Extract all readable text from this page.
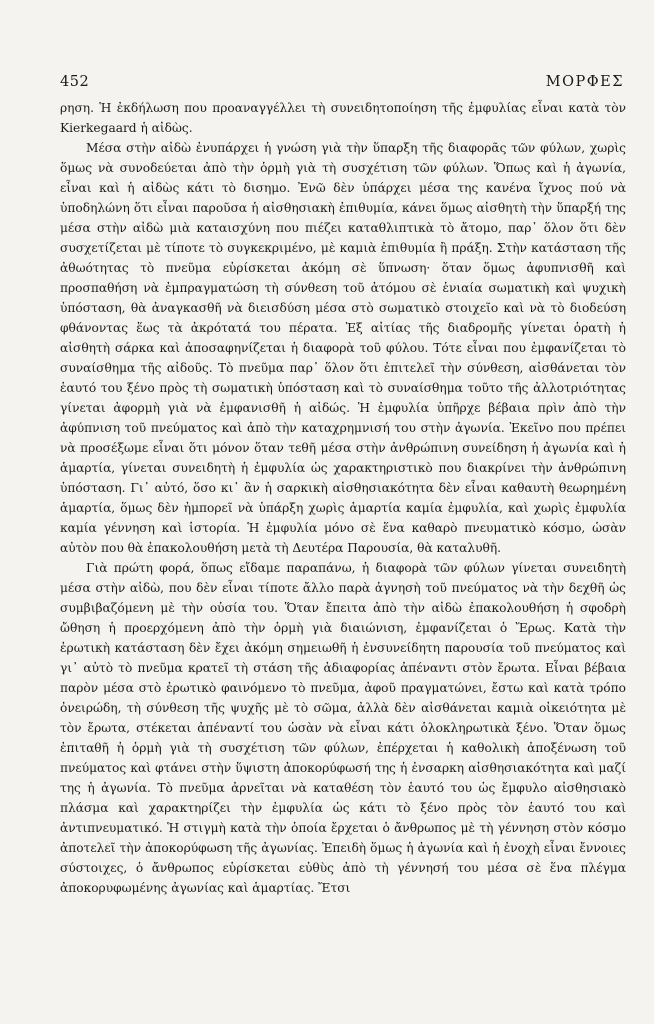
452	ΜΟΡΦΕΣ

ρηση. Ἡ ἐκδήλωση που προαναγγέλλει τὴ συνειδητοποίηση τῆς ἐμφυλίας εἶναι κατὰ τὸν Kierkegaard ἡ αἰδὼς.

Μέσα στὴν αἰδὼ ἐνυπάρχει ἡ γνώση γιὰ τὴν ὕπαρξη τῆς διαφορᾶς τῶν φύλων, χωρὶς ὅμως νὰ συνοδεύεται ἀπὸ τὴν ὁρμὴ γιὰ τὴ συσχέτιση τῶν φύλων. Ὅπως καὶ ἡ ἀγωνία, εἶναι καὶ ἡ αἰδὼς κάτι τὸ δισημο. Ἐνῶ δὲν ὑπάρχει μέσα της κανένα ἴχνος πού νὰ ὑποδηλώνη ὅτι εἶναι παροῦσα ἡ αἰσθησιακὴ ἐπιθυμία, κάνει ὅμως αἰσθητὴ τὴν ὕπαρξή της μέσα στὴν αἰδὼ μιὰ καταισχύνη που πιέζει καταθλιπτικὰ τὸ ἄτομο, παρ᾽ ὅλον ὅτι δὲν συσχετίζεται μὲ τίποτε τὸ συγκεκριμένο, μὲ καμιὰ ἐπιθυμία ἢ πράξη. Στὴν κατάσταση τῆς ἀθωότητας τὸ πνεῦμα εὑρίσκεται ἀκόμη σὲ ὕπνωση· ὅταν ὅμως ἀφυπνισθῆ καὶ προσπαθήση νὰ ἐμπραγματώση τὴ σύνθεση τοῦ ἀτόμου σὲ ἑνιαία σωματικὴ καὶ ψυχικὴ ὑπόσταση, θὰ ἀναγκασθῆ νὰ διεισδύση μέσα στὸ σωματικὸ στοιχεῖο καὶ νὰ τὸ διοδεύση φθάνοντας ἕως τὰ ἀκρότατά του πέρατα. Ἐξ αἰτίας τῆς διαδρομῆς γίνεται ὁρατὴ ἡ αἰσθητὴ σάρκα καὶ ἀποσαφηνίζεται ἡ διαφορὰ τοῦ φύλου. Τότε εἶναι που ἐμφανίζεται τὸ συναίσθημα τῆς αἰδοῦς. Τὸ πνεῦμα παρ᾽ ὅλον ὅτι ἐπιτελεῖ τὴν σύνθεση, αἰσθάνεται τὸν ἑαυτό του ξένο πρὸς τὴ σωματικὴ ὑπόσταση καὶ τὸ συναίσθημα τοῦτο τῆς ἀλλοτριότητας γίνεται ἀφορμὴ γιὰ νὰ ἐμφανισθῆ ἡ αἰδώς. Ἡ ἐμφυλία ὑπῆρχε βέβαια πρὶν ἀπὸ τὴν ἀφύπνιση τοῦ πνεύματος καὶ ἀπὸ τὴν καταχρημνισή του στὴν ἀγωνία. Ἐκεῖνο που πρέπει νὰ προσέξωμε εἶναι ὅτι μόνον ὅταν τεθῆ μέσα στὴν ἀνθρώπινη συνείδηση ἡ ἀγωνία καὶ ἡ ἁμαρτία, γίνεται συνειδητὴ ἡ ἐμφυλία ὡς χαρακτηριστικὸ που διακρίνει τὴν ἀνθρώπινη ὑπόσταση. Γι᾽ αὐτό, ὅσο κι᾽ ἂν ἡ σαρκικὴ αἰσθησιακότητα δὲν εἶναι καθαυτὴ θεωρημένη ἁμαρτία, ὅμως δὲν ἠμπορεῖ νὰ ὑπάρξη χωρὶς ἁμαρτία καμία ἐμφυλία, καὶ χωρὶς ἐμφυλία καμία γέννηση καὶ ἱστορία. Ἡ ἐμφυλία μόνο σὲ ἕνα καθαρὸ πνευματικὸ κόσμο, ὡσὰν αὐτὸν που θὰ ἐπακολουθήση μετὰ τὴ Δευτέρα Παρουσία, θὰ καταλυθῆ.

Γιὰ πρώτη φορά, ὅπως εἴδαμε παραπάνω, ἡ διαφορὰ τῶν φύλων γίνεται συνειδητὴ μέσα στὴν αἰδὼ, που δὲν εἶναι τίποτε ἄλλο παρὰ ἀγνησὴ τοῦ πνεύματος νὰ τὴν δεχθῆ ὡς συμβιβαζόμενη μὲ τὴν οὐσία του. Ὅταν ἔπειτα ἀπὸ τὴν αἰδὼ ἐπακολουθήση ἡ σφοδρὴ ὤθηση ἡ προερχόμενη ἀπὸ τὴν ὁρμὴ γιὰ διαιώνιση, ἐμφανίζεται ὁ Ἔρως. Κατὰ τὴν ἐρωτικὴ κατάσταση δὲν ἔχει ἀκόμη σημειωθῆ ἡ ἐνσυνείδητη παρουσία τοῦ πνεύματος καὶ γι᾽ αὐτὸ τὸ πνεῦμα κρατεῖ τὴ στάση τῆς ἀδιαφορίας ἀπέναντι στὸν ἔρωτα. Εἶναι βέβαια παρὸν μέσα στὸ ἐρωτικὸ φαινόμενο τὸ πνεῦμα, ἀφοῦ πραγματώνει, ἔστω καὶ κατὰ τρόπο ὀνειρώδη, τὴ σύνθεση τῆς ψυχῆς μὲ τὸ σῶμα, ἀλλὰ δὲν αἰσθάνεται καμιὰ οἰκειότητα μὲ τὸν ἔρωτα, στέκεται ἀπέναντί του ὡσὰν νὰ εἶναι κάτι ὁλοκληρωτικὰ ξένο. Ὅταν ὅμως ἐπιταθῆ ἡ ὁρμὴ γιὰ τὴ συσχέτιση τῶν φύλων, ἐπέρχεται ἡ καθολικὴ ἀποξένωση τοῦ πνεύματος καὶ φτάνει στὴν ὕψιστη ἀποκορύφωσή της ἡ ἐνσαρκη αἰσθησιακότητα καὶ μαζί της ἡ ἀγωνία. Τὸ πνεῦμα ἀρνεῖται νὰ καταθέση τὸν ἑαυτό του ὡς ἔμφυλο αἰσθησιακὸ πλάσμα καὶ χαρακτηρίζει τὴν ἐμφυλία ὡς κάτι τὸ ξένο πρὸς τὸν ἑαυτό του καὶ ἀντιπνευματικό. Ἡ στιγμὴ κατὰ τὴν ὁποία ἔρχεται ὁ ἄνθρωπος μὲ τὴ γέννηση στὸν κόσμο ἀποτελεῖ τὴν ἀποκορύφωση τῆς ἀγωνίας. Ἐπειδὴ ὅμως ἡ ἀγωνία καὶ ἡ ἐνοχὴ εἶναι ἔννοιες σύστοιχες, ὁ ἄνθρωπος εὑρίσκεται εὐθὺς ἀπὸ τὴ γέννησή του μέσα σὲ ἕνα πλέγμα ἀποκορυφωμένης ἀγωνίας καὶ ἁμαρτίας. Ἔτσι
